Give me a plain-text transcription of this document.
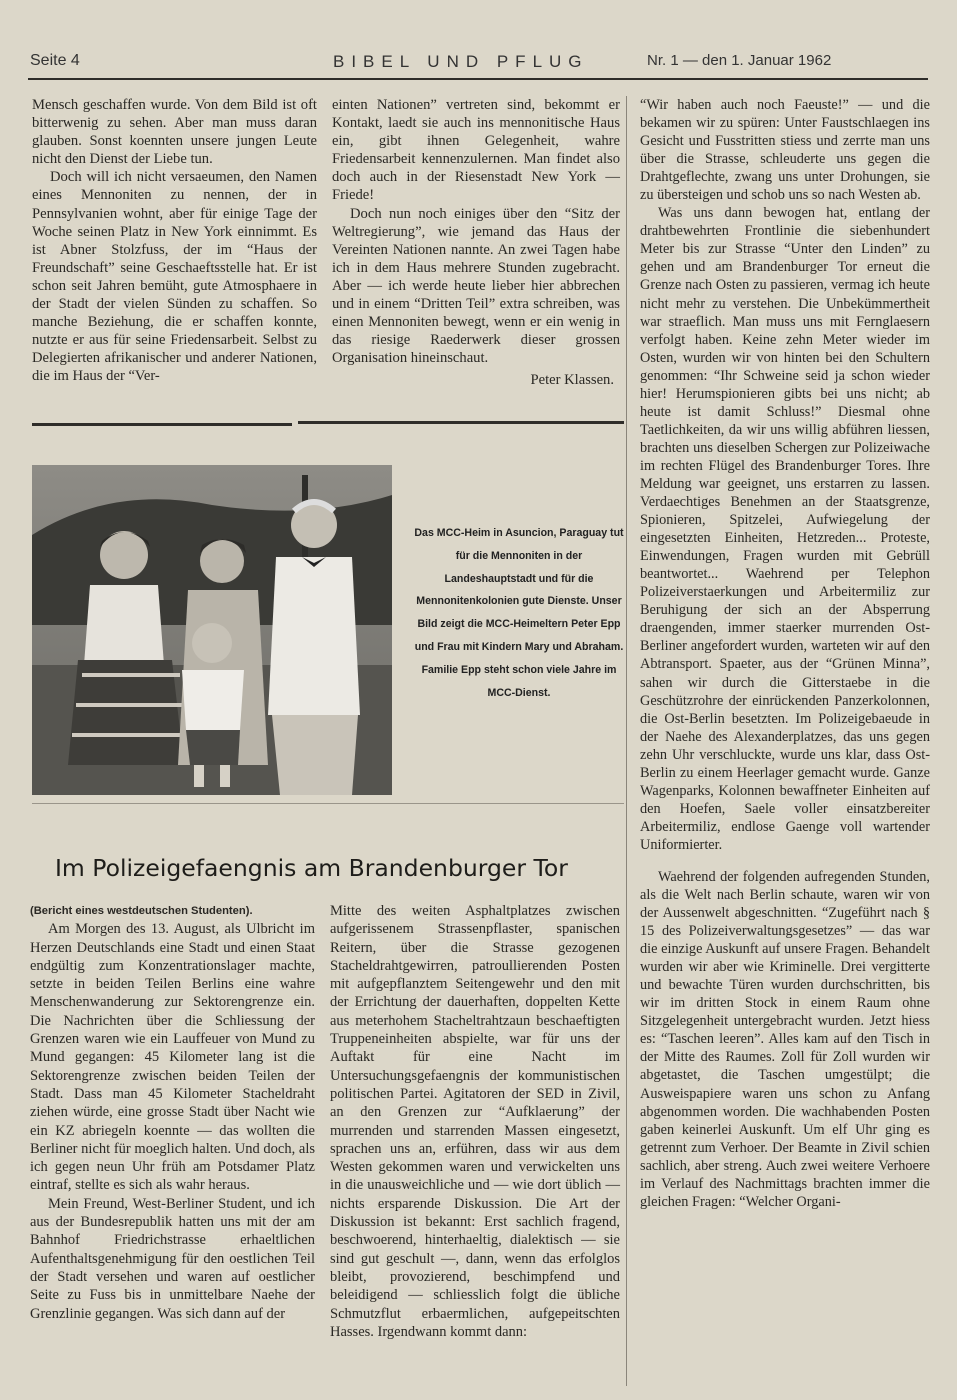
Seite 4	BIBEL UND PFLUG	Nr. 1 — den 1. Januar 1962

Mensch geschaffen wurde. Von dem Bild ist oft bitterwenig zu sehen. Aber man muss daran glauben. Sonst koennten unsere jungen Leute nicht den Dienst der Liebe tun.

Doch will ich nicht versaeumen, den Namen eines Mennoniten zu nennen, der in Pennsylvanien wohnt, aber für einige Tage der Woche seinen Platz in New York einnimmt. Es ist Abner Stolzfuss, der im “Haus der Freundschaft” seine Geschaeftsstelle hat. Er ist schon seit Jahren bemüht, gute Atmosphaere in der Stadt der vielen Sünden zu schaffen. So manche Beziehung, die er schaffen konnte, nutzte er aus für seine Friedensarbeit. Selbst zu Delegierten afrikanischer und anderer Nationen, die im Haus der “Ver-

einten Nationen” vertreten sind, bekommt er Kontakt, laedt sie auch ins mennonitische Haus ein, gibt ihnen Gelegenheit, wahre Friedensarbeit kennenzulernen. Man findet also doch auch in der Riesenstadt New York — Friede!

Doch nun noch einiges über den “Sitz der Weltregierung”, wie jemand das Haus der Vereinten Nationen nannte. An zwei Tagen habe ich in dem Haus mehrere Stunden zugebracht. Aber — ich werde heute lieber hier abbrechen und in einem “Dritten Teil” extra schreiben, was einen Mennoniten bewegt, wenn er ein wenig in das riesige Raederwerk dieser grossen Organisation hineinschaut.

Peter Klassen.

Das MCC-Heim in Asuncion, Paraguay tut für die Mennoniten in der Landeshauptstadt und für die Mennonitenkolonien gute Dienste. Unser Bild zeigt die MCC-Heimeltern Peter Epp und Frau mit Kindern Mary und Abraham. Familie Epp steht schon viele Jahre im MCC-Dienst.
Im Polizeigefaengnis am Brandenburger Tor

(Bericht eines westdeutschen Studenten).

Am Morgen des 13. August, als Ulbricht im Herzen Deutschlands eine Stadt und einen Staat endgültig zum Konzentrationslager machte, setzte in beiden Teilen Berlins eine wahre Menschenwanderung zur Sektorengrenze ein. Die Nachrichten über die Schliessung der Grenzen waren wie ein Lauffeuer von Mund zu Mund gegangen: 45 Kilometer lang ist die Sektorengrenze zwischen beiden Teilen der Stadt. Dass man 45 Kilometer Stacheldraht ziehen würde, eine grosse Stadt über Nacht wie ein KZ abriegeln koennte — das wollten die Berliner nicht für moeglich halten. Und doch, als ich gegen neun Uhr früh am Potsdamer Platz eintraf, stellte es sich als wahr heraus.

Mein Freund, West-Berliner Student, und ich aus der Bundesrepublik hatten uns mit der am Bahnhof Friedrichstrasse erhaeltlichen Aufenthaltsgenehmigung für den oestlichen Teil der Stadt versehen und waren auf oestlicher Seite zu Fuss bis in unmittelbare Naehe der Grenzlinie gegangen. Was sich dann auf der

Mitte des weiten Asphaltplatzes zwischen aufgerissenem Strassenpflaster, spanischen Reitern, über die Strasse gezogenen Stacheldrahtgewirren, patroullierenden Posten mit aufgepflanztem Seitengewehr und den mit der Errichtung der dauerhaften, doppelten Kette aus meterhohem Stacheltrahtzaun beschaeftigten Truppeneinheiten abspielte, war für uns der Auftakt für eine Nacht im Untersuchungsgefaengnis der kommunistischen politischen Partei. Agitatoren der SED in Zivil, an den Grenzen zur “Aufklaerung” der murrenden und starrenden Massen eingesetzt, sprachen uns an, erführen, dass wir aus dem Westen gekommen waren und verwickelten uns in die unausweichliche und — wie dort üblich — nichts ersparende Diskussion. Die Art der Diskussion ist bekannt: Erst sachlich fragend, beschwoerend, hinterhaeltig, dialektisch — sie sind gut geschult —, dann, wenn das erfolglos bleibt, provozierend, beschimpfend und beleidigend — schliesslich folgt die übliche Schmutzflut erbaermlichen, aufgepeitschten Hasses. Irgendwann kommt dann:

“Wir haben auch noch Faeuste!” — und die bekamen wir zu spüren: Unter Faustschlaegen ins Gesicht und Fusstritten stiess und zerrte man uns über die Strasse, schleuderte uns gegen die Drahtgeflechte, zwang uns unter Drohungen, sie zu übersteigen und schob uns so nach Westen ab.

Was uns dann bewogen hat, entlang der drahtbewehrten Frontlinie die siebenhundert Meter bis zur Strasse “Unter den Linden” zu gehen und am Brandenburger Tor erneut die Grenze nach Osten zu passieren, vermag ich heute nicht mehr zu verstehen. Die Unbekümmertheit war straeflich. Man muss uns mit Fernglaesern verfolgt haben. Keine zehn Meter wieder im Osten, wurden wir von hinten bei den Schultern genommen: “Ihr Schweine seid ja schon wieder hier! Herumspionieren gibts bei uns nicht; ab heute ist damit Schluss!” Diesmal ohne Taetlichkeiten, da wir uns willig abführen liessen, brachten uns dieselben Schergen zur Polizeiwache im rechten Flügel des Brandenburger Tores. Ihre Meldung war geeignet, uns erstarren zu lassen. Verdaechtiges Benehmen an der Staatsgrenze, Spionieren, Spitzelei, Aufwiegelung der eingesetzten Einheiten, Hetzreden... Proteste, Einwendungen, Fragen wurden mit Gebrüll beantwortet... Waehrend per Telephon Polizeiverstaerkungen und Arbeitermiliz zur Beruhigung der sich an der Absperrung draengenden, immer staerker murrenden Ost-Berliner angefordert wurden, warteten wir auf den Abtransport. Spaeter, aus der “Grünen Minna”, sahen wir durch die Gitterstaebe in die Geschützrohre der einrückenden Panzerkolonnen, die Ost-Berlin besetzten. Im Polizeigebaeude in der Naehe des Alexanderplatzes, das uns gegen zehn Uhr verschluckte, wurde uns klar, dass Ost-Berlin zu einem Heerlager gemacht wurde. Ganze Wagenparks, Kolonnen bewaffneter Einheiten auf den Hoefen, Saele voller einsatzbereiter Arbeitermiliz, endlose Gaenge voll wartender Uniformierter.

Waehrend der folgenden aufregenden Stunden, als die Welt nach Berlin schaute, waren wir von der Aussenwelt abgeschnitten. “Zugeführt nach § 15 des Polizeiverwaltungsgesetzes” — das war die einzige Auskunft auf unsere Fragen. Behandelt wurden wir aber wie Kriminelle. Drei vergitterte und bewachte Türen wurden durchschritten, bis wir im dritten Stock in einem Raum ohne Sitzgelegenheit untergebracht wurden. Jetzt hiess es: “Taschen leeren”. Alles kam auf den Tisch in der Mitte des Raumes. Zoll für Zoll wurden wir abgetastet, die Taschen umgestülpt; die Ausweispapiere waren uns schon zu Anfang abgenommen worden. Die wachhabenden Posten gaben keinerlei Auskunft. Um elf Uhr ging es getrennt zum Verhoer. Der Beamte in Zivil schien sachlich, aber streng. Auch zwei weitere Verhoere im Verlauf des Nachmittags brachten immer die gleichen Fragen: “Welcher Organi-
